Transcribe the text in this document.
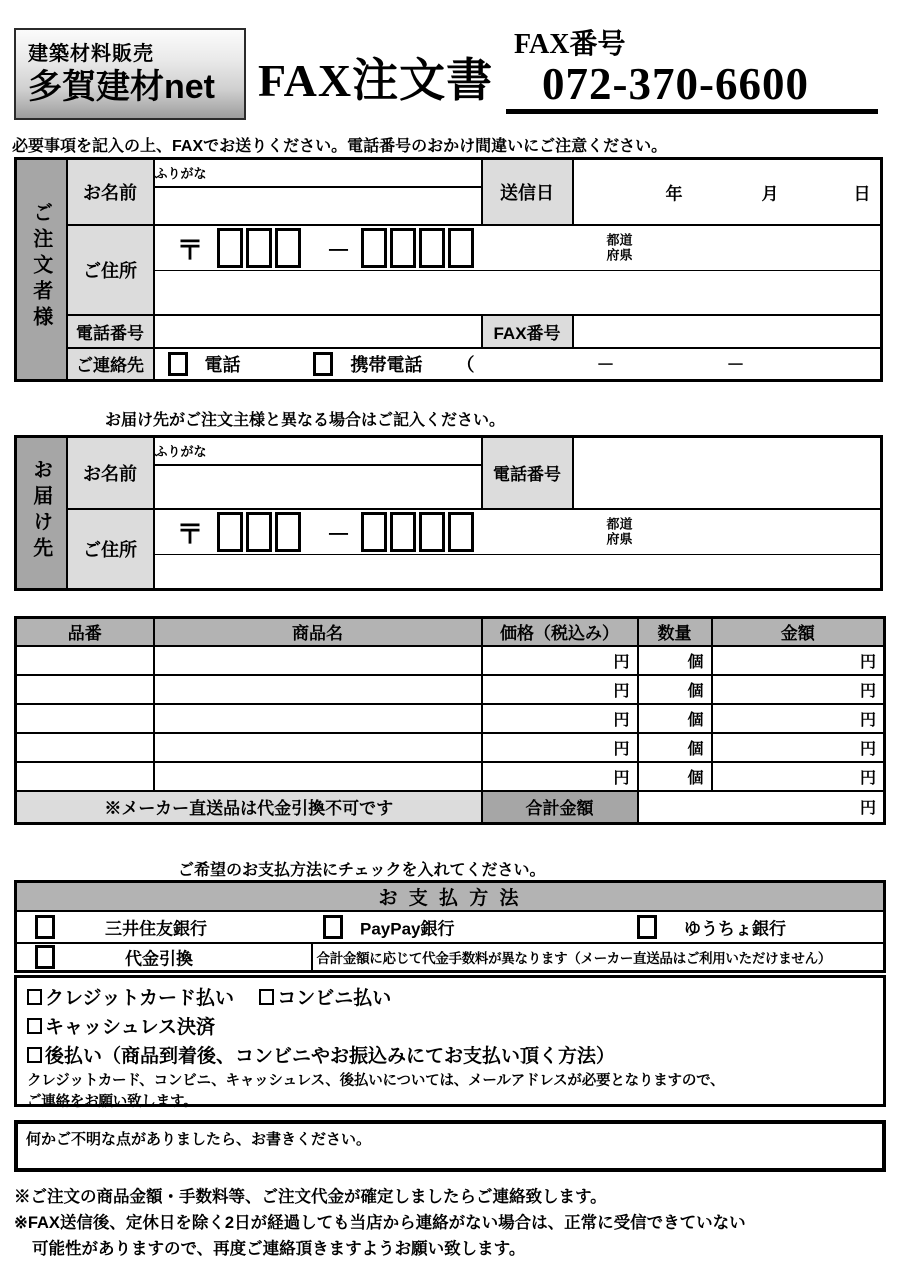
建築材料販売
多賀建材net FAX注文書
FAX番号
072-370-6600
必要事項を記入の上、FAXでお送りください。電話番号のおかけ間違いにご注意ください。
ご注文者様	お名前	ふりがな	送信日	年 月 日

	ご住所	〒 － 都道
府県		

	電話番号		FAX番号	
	ご連絡先	電話 携帯電話 （ － －		
お届け先がご注文主様と異なる場合はご記入ください。
お届け先	お名前	ふりがな	電話番号	

	ご住所	〒 － 都道
府県		

品番	商品名	価格（税込み）	数量	金額
		円	個	円
		円	個	円
		円	個	円
		円	個	円
		円	個	円
※メーカー直送品は代金引換不可です		合計金額	円	
ご希望のお支払方法にチェックを入れてください。
お 支 払 方 法

三井住友銀行	PayPay銀行	ゆうちょ銀行

代金引換	合計金額に応じて代金手数料が異なります（メーカー直送品はご利用いただけません）
クレジットカード払い コンビニ払い
キャッシュレス決済
後払い（商品到着後、コンビニやお振込みにてお支払い頂く方法）
クレジットカード、コンビニ、キャッシュレス、後払いについては、メールアドレスが必要となりますので、
ご連絡をお願い致します。
何かご不明な点がありましたら、お書きください。
※ご注文の商品金額・手数料等、ご注文代金が確定しましたらご連絡致します。
※FAX送信後、定休日を除く2日が経過しても当店から連絡がない場合は、正常に受信できていない
可能性がありますので、再度ご連絡頂きますようお願い致します。
